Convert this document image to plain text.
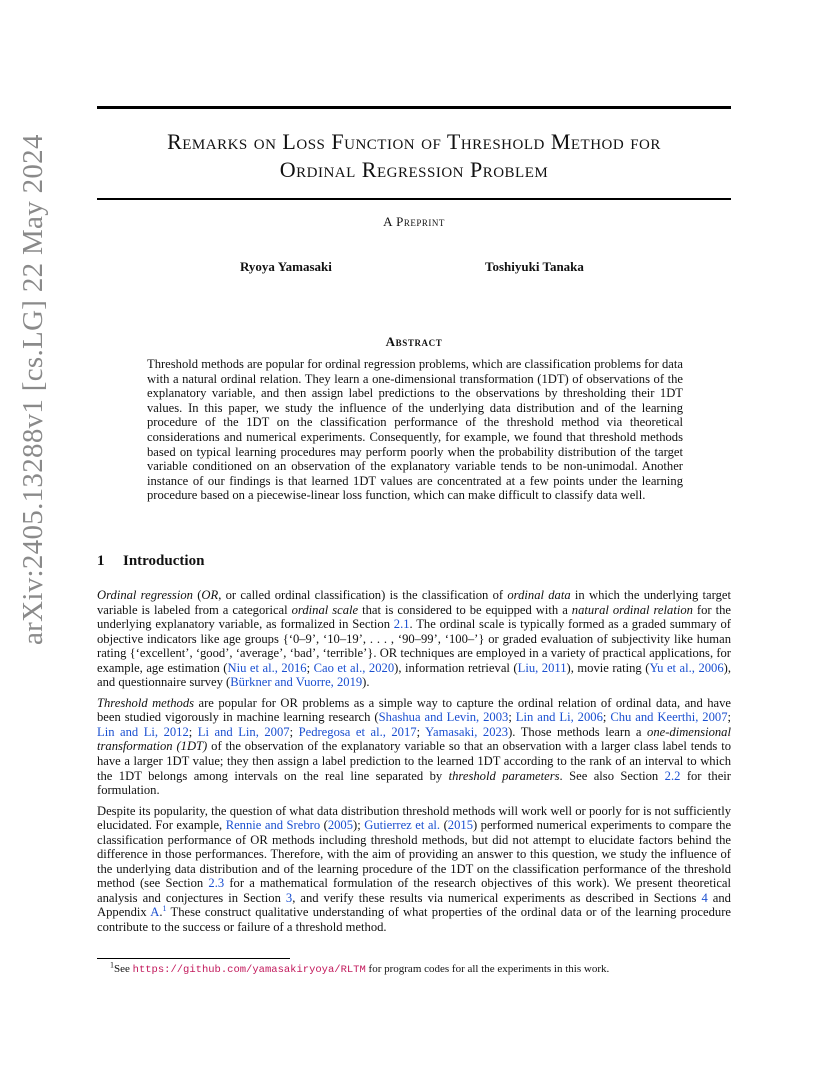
arXiv:2405.13288v1 [cs.LG] 22 May 2024	Remarks on Loss Function of Threshold Method for
Ordinal Regression Problem
A Preprint
Ryoya Yamasaki	Toshiyuki Tanaka
Abstract
Threshold methods are popular for ordinal regression problems, which are classification problems for data with a natural ordinal relation. They learn a one-dimensional transformation (1DT) of observations of the explanatory variable, and then assign label predictions to the observations by thresholding their 1DT values. In this paper, we study the influence of the underlying data distribution and of the learning procedure of the 1DT on the classification performance of the threshold method via theoretical considerations and numerical experiments. Consequently, for example, we found that threshold methods based on typical learning procedures may perform poorly when the probability distribution of the target variable conditioned on an observation of the explanatory variable tends to be non-unimodal. Another instance of our findings is that learned 1DT values are concentrated at a few points under the learning procedure based on a piecewise-linear loss function, which can make difficult to classify data well.
1 Introduction

Ordinal regression (OR, or called ordinal classification) is the classification of ordinal data in which the underlying target variable is labeled from a categorical ordinal scale that is considered to be equipped with a natural ordinal relation for the underlying explanatory variable, as formalized in Section 2.1. The ordinal scale is typically formed as a graded summary of objective indicators like age groups {‘0–9’, ‘10–19’, . . . , ‘90–99’, ‘100–’} or graded evaluation of subjectivity like human rating {‘excellent’, ‘good’, ‘average’, ‘bad’, ‘terrible’}. OR techniques are employed in a variety of practical applications, for example, age estimation (Niu et al., 2016; Cao et al., 2020), information retrieval (Liu, 2011), movie rating (Yu et al., 2006), and questionnaire survey (Bürkner and Vuorre, 2019).

Threshold methods are popular for OR problems as a simple way to capture the ordinal relation of ordinal data, and have been studied vigorously in machine learning research (Shashua and Levin, 2003; Lin and Li, 2006; Chu and Keerthi, 2007; Lin and Li, 2012; Li and Lin, 2007; Pedregosa et al., 2017; Yamasaki, 2023). Those methods learn a one-dimensional transformation (1DT) of the observation of the explanatory variable so that an observation with a larger class label tends to have a larger 1DT value; they then assign a label prediction to the learned 1DT according to the rank of an interval to which the 1DT belongs among intervals on the real line separated by threshold parameters. See also Section 2.2 for their formulation.

Despite its popularity, the question of what data distribution threshold methods will work well or poorly for is not sufficiently elucidated. For example, Rennie and Srebro (2005); Gutierrez et al. (2015) performed numerical experiments to compare the classification performance of OR methods including threshold methods, but did not attempt to elucidate factors behind the difference in those performances. Therefore, with the aim of providing an answer to this question, we study the influence of the underlying data distribution and of the learning procedure of the 1DT on the classification performance of the threshold method (see Section 2.3 for a mathematical formulation of the research objectives of this work). We present theoretical analysis and conjectures in Section 3, and verify these results via numerical experiments as described in Sections 4 and Appendix A.$^1$ These construct qualitative understanding of what properties of the ordinal data or of the learning procedure contribute to the success or failure of a threshold method.

$^1$See https://github.com/yamasakiryoya/RLTM for program codes for all the experiments in this work.
